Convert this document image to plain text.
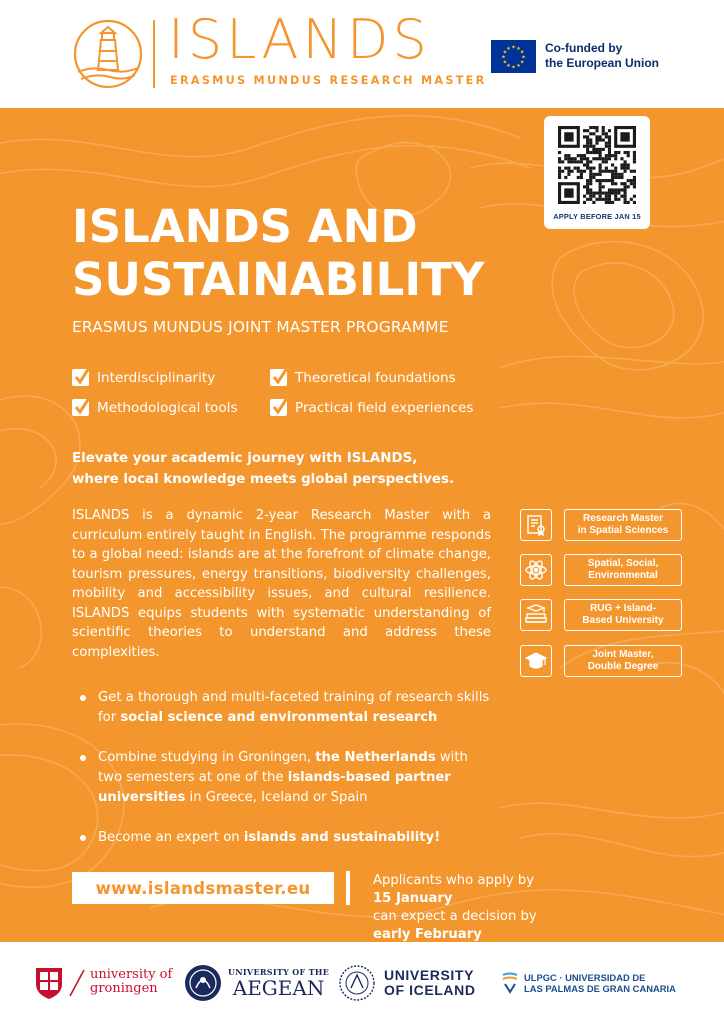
ISLANDS
ERASMUS MUNDUS RESEARCH MASTER
★ ★
★
★
★
★
★
★
★
★
★
★	Co-funded by
the European Union
APPLY BEFORE JAN 15
ISLANDS AND
SUSTAINABILITY
ERASMUS MUNDUS JOINT MASTER PROGRAMME
Interdisciplinarity	Theoretical foundations
Methodological tools	Practical field experiences
Elevate your academic journey with ISLANDS,
where local knowledge meets global perspectives.

ISLANDS is a dynamic 2-year Research Master with a curriculum entirely taught in English. The programme responds to a global need: islands are at the forefront of climate change, tourism pressures, energy transitions, biodiversity challenges, mobility and accessibility issues, and cultural resilience. ISLANDS equips students with systematic understanding of scientific theories to understand and address these complexities.

Get a thorough and multi-faceted training of research skills for social science and environmental research
Combine studying in Groningen, the Netherlands with two semesters at one of the islands-based partner universities in Greece, Iceland or Spain
Become an expert on islands and sustainability!
Research Master
in Spatial Sciences
Spatial, Social,
Environmental
RUG + Island-
Based University
Joint Master,
Double Degree
www.islandsmaster.eu	Applicants who apply by
15 January
can expect a decision by
early February
university of
groningen
UNIVERSITY OF THE
AEGEAN
UNIVERSITY
OF ICELAND
ULPGC · UNIVERSIDAD DE
LAS PALMAS DE GRAN CANARIA
